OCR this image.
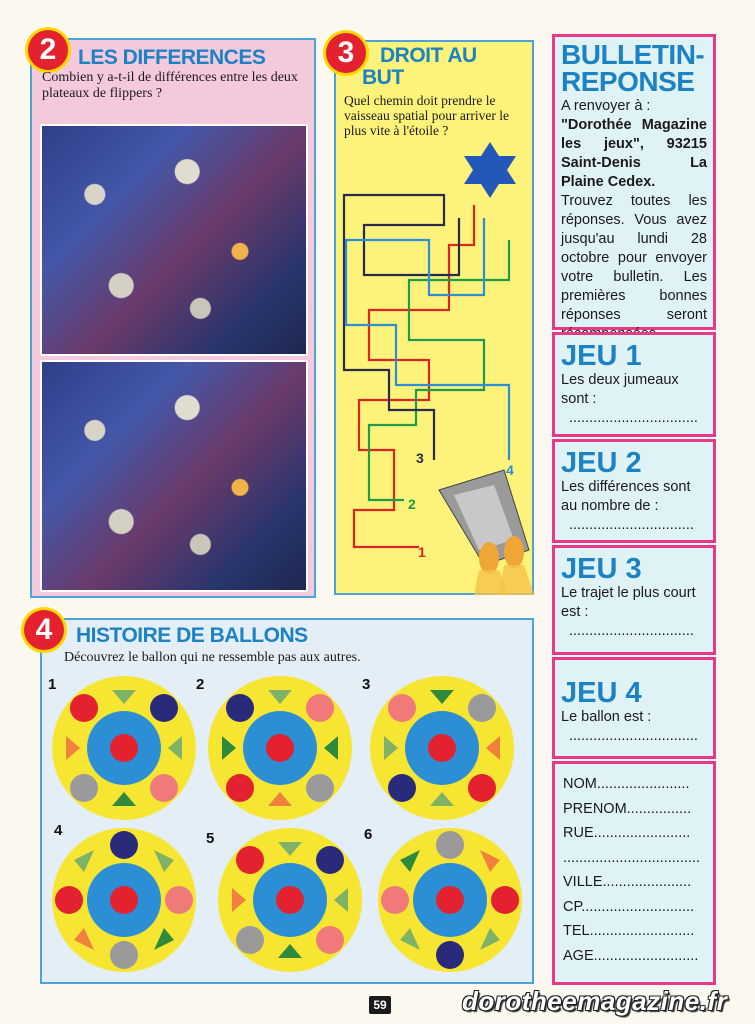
2	LES DIFFERENCES
Combien y a-t-il de différences entre les deux plateaux de flippers ?
3	DROIT AU
BUT
Quel chemin doit prendre le vaisseau spatial pour arriver le plus vite à l'étoile ?
1
2
3
4
BULLETIN-
REPONSE
A renvoyer à :
"Dorothée Magazine les jeux", 93215 Saint-Denis La Plaine Cedex.
Trouvez toutes les réponses. Vous avez jusqu'au lundi 28 octobre pour envoyer votre bulletin. Les premières bonnes réponses seront
JEU 1
Les deux jumeaux sont :
................................
JEU 2
Les différences sont au nombre de :
...............................
JEU 3
Le trajet le plus court est :
...............................
JEU 4
Le ballon est :
................................
NOM.......................
PRENOM................
RUE........................
..................................
VILLE......................
CP............................
TEL..........................
AGE..........................
4	HISTOIRE DE BALLONS
Découvrez le ballon qui ne ressemble pas aux autres.
1	2	3
4	5	6
59	dorotheemagazine.fr
